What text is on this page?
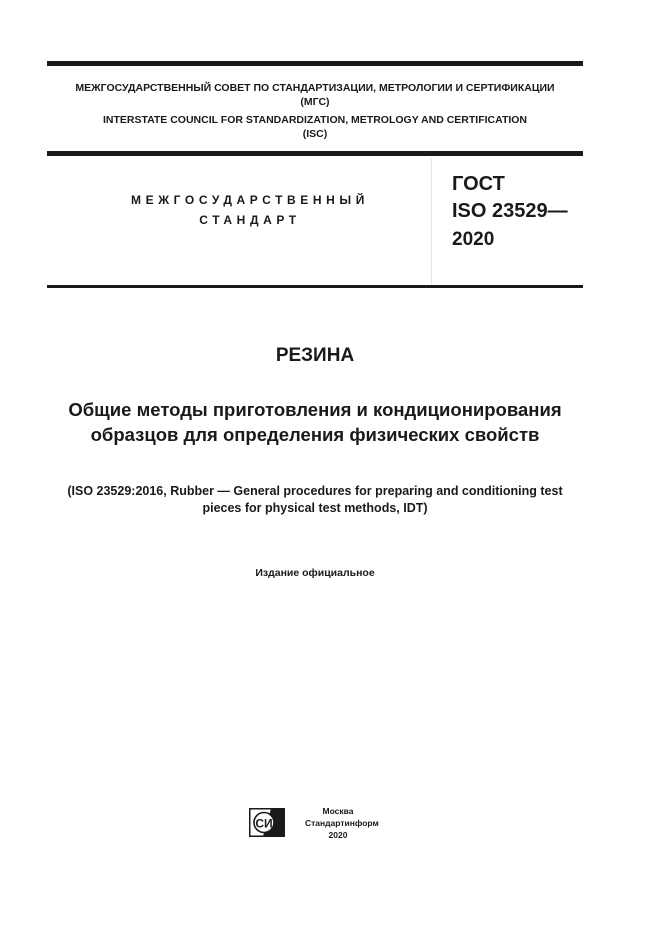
МЕЖГОСУДАРСТВЕННЫЙ СОВЕТ ПО СТАНДАРТИЗАЦИИ, МЕТРОЛОГИИ И СЕРТИФИКАЦИИ
(МГС)
INTERSTATE COUNCIL FOR STANDARDIZATION, METROLOGY AND CERTIFICATION
(ISC)
МЕЖГОСУДАРСТВЕННЫЙ
СТАНДАРТ
ГОСТ
ISO 23529—
2020
РЕЗИНА
Общие методы приготовления и кондиционирования
образцов для определения физических свойств
(ISO 23529:2016, Rubber — General procedures for preparing and conditioning test
pieces for physical test methods, IDT)
Издание официальное
СИ
Москва
Стандартинформ
2020
